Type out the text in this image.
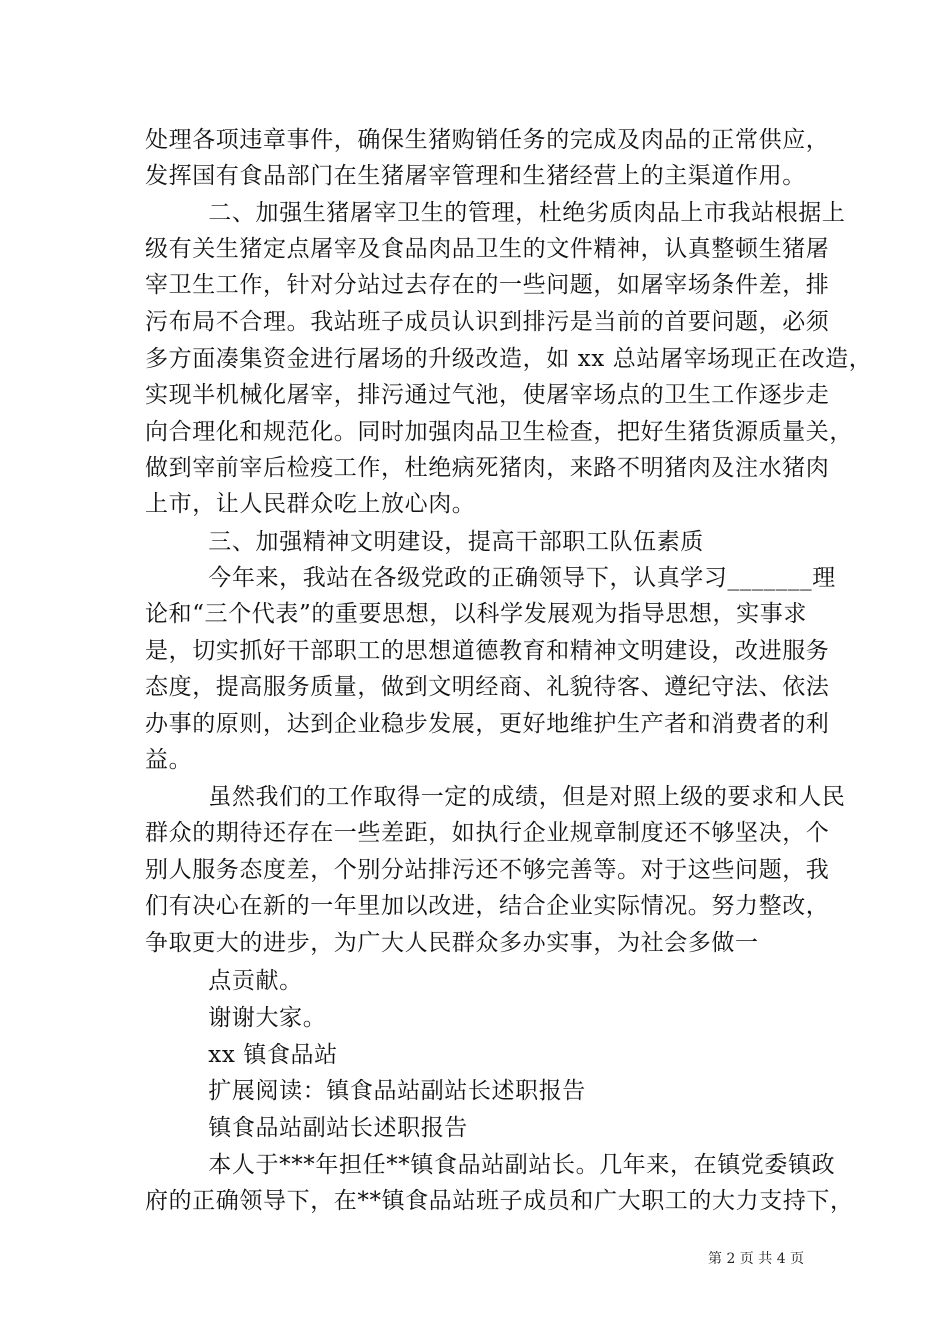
处理各项违章事件，确保生猪购销任务的完成及肉品的正常供应，
发挥国有食品部门在生猪屠宰管理和生猪经营上的主渠道作用。
二、加强生猪屠宰卫生的管理，杜绝劣质肉品上市我站根据上
级有关生猪定点屠宰及食品肉品卫生的文件精神，认真整顿生猪屠
宰卫生工作，针对分站过去存在的一些问题，如屠宰场条件差，排
污布局不合理。我站班子成员认识到排污是当前的首要问题，必须
多方面凑集资金进行屠场的升级改造，如 xx 总站屠宰场现正在改造，
实现半机械化屠宰，排污通过气池，使屠宰场点的卫生工作逐步走
向合理化和规范化。同时加强肉品卫生检查，把好生猪货源质量关，
做到宰前宰后检疫工作，杜绝病死猪肉，来路不明猪肉及注水猪肉
上市，让人民群众吃上放心肉。
三、加强精神文明建设，提高干部职工队伍素质
今年来，我站在各级党政的正确领导下，认真学习_______理
论和“三个代表”的重要思想，以科学发展观为指导思想，实事求
是，切实抓好干部职工的思想道德教育和精神文明建设，改进服务
态度，提高服务质量，做到文明经商、礼貌待客、遵纪守法、依法
办事的原则，达到企业稳步发展，更好地维护生产者和消费者的利
益。
虽然我们的工作取得一定的成绩，但是对照上级的要求和人民
群众的期待还存在一些差距，如执行企业规章制度还不够坚决，个
别人服务态度差，个别分站排污还不够完善等。对于这些问题，我
们有决心在新的一年里加以改进，结合企业实际情况。努力整改，
争取更大的进步，为广大人民群众多办实事，为社会多做一
点贡献。
谢谢大家。
xx 镇食品站
扩展阅读：镇食品站副站长述职报告
镇食品站副站长述职报告
本人于***年担任**镇食品站副站长。几年来，在镇党委镇政
府的正确领导下，在**镇食品站班子成员和广大职工的大力支持下，
第 2 页 共 4 页
